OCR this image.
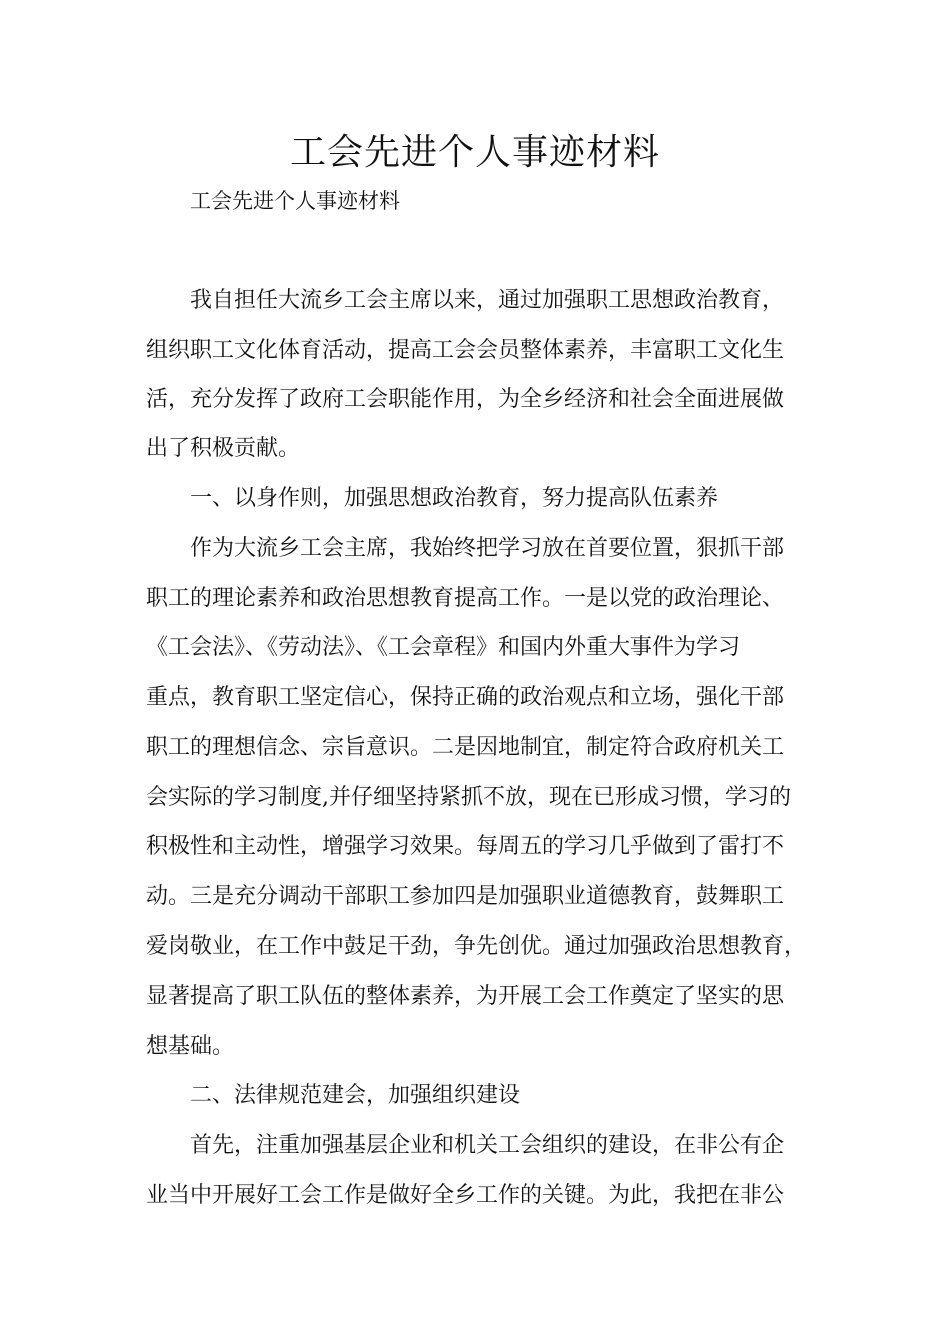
工会先进个人事迹材料

工会先进个人事迹材料

我自担任大流乡工会主席以来，通过加强职工思想政治教育，

组织职工文化体育活动，提高工会会员整体素养，丰富职工文化生

活，充分发挥了政府工会职能作用，为全乡经济和社会全面进展做

出了积极贡献。

一、以身作则，加强思想政治教育，努力提高队伍素养

作为大流乡工会主席，我始终把学习放在首要位置，狠抓干部

职工的理论素养和政治思想教育提高工作。一是以党的政治理论、

《工会法》、《劳动法》、《工会章程》和国内外重大事件为学习

重点，教育职工坚定信心，保持正确的政治观点和立场，强化干部

职工的理想信念、宗旨意识。二是因地制宜，制定符合政府机关工

会实际的学习制度,并仔细坚持紧抓不放，现在已形成习惯，学习的

积极性和主动性，增强学习效果。每周五的学习几乎做到了雷打不

动。三是充分调动干部职工参加四是加强职业道德教育，鼓舞职工

爱岗敬业，在工作中鼓足干劲，争先创优。通过加强政治思想教育，

显著提高了职工队伍的整体素养，为开展工会工作奠定了坚实的思

想基础。

二、法律规范建会，加强组织建设

首先，注重加强基层企业和机关工会组织的建设，在非公有企

业当中开展好工会工作是做好全乡工作的关键。为此，我把在非公
